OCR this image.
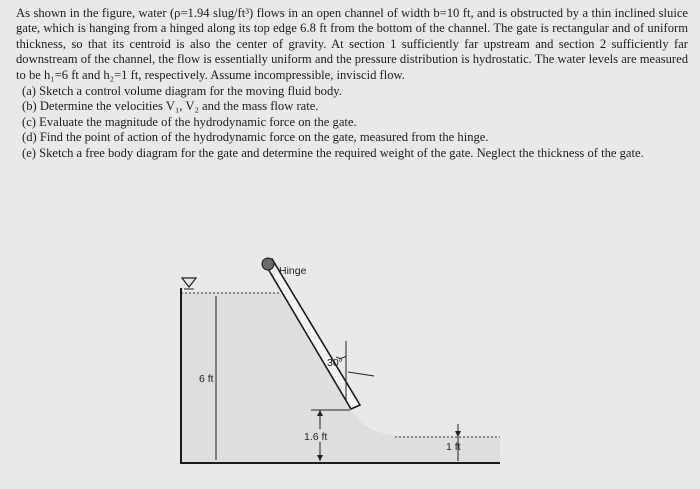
As shown in the figure, water (ρ=1.94 slug/ft³) flows in an open channel of width b=10 ft, and is obstructed by a thin inclined sluice gate, which is hanging from a hinged along its top edge 6.8 ft from the bottom of the channel. The gate is rectangular and of uniform thickness, so that its centroid is also the center of gravity. At section 1 sufficiently far upstream and section 2 sufficiently far downstream of the channel, the flow is essentially uniform and the pressure distribution is hydrostatic. The water levels are measured to be h₁=6 ft and h₂=1 ft, respectively. Assume incompressible, inviscid flow.

(a) Sketch a control volume diagram for the moving fluid body.
(b) Determine the velocities V₁, V₂ and the mass flow rate.
(c) Evaluate the magnitude of the hydrodynamic force on the gate.
(d) Find the point of action of the hydrodynamic force on the gate, measured from the hinge.
(e) Sketch a free body diagram for the gate and determine the required weight of the gate. Neglect the thickness of the gate.
Hinge
30°
6 ft
1.6 ft
1 ft
